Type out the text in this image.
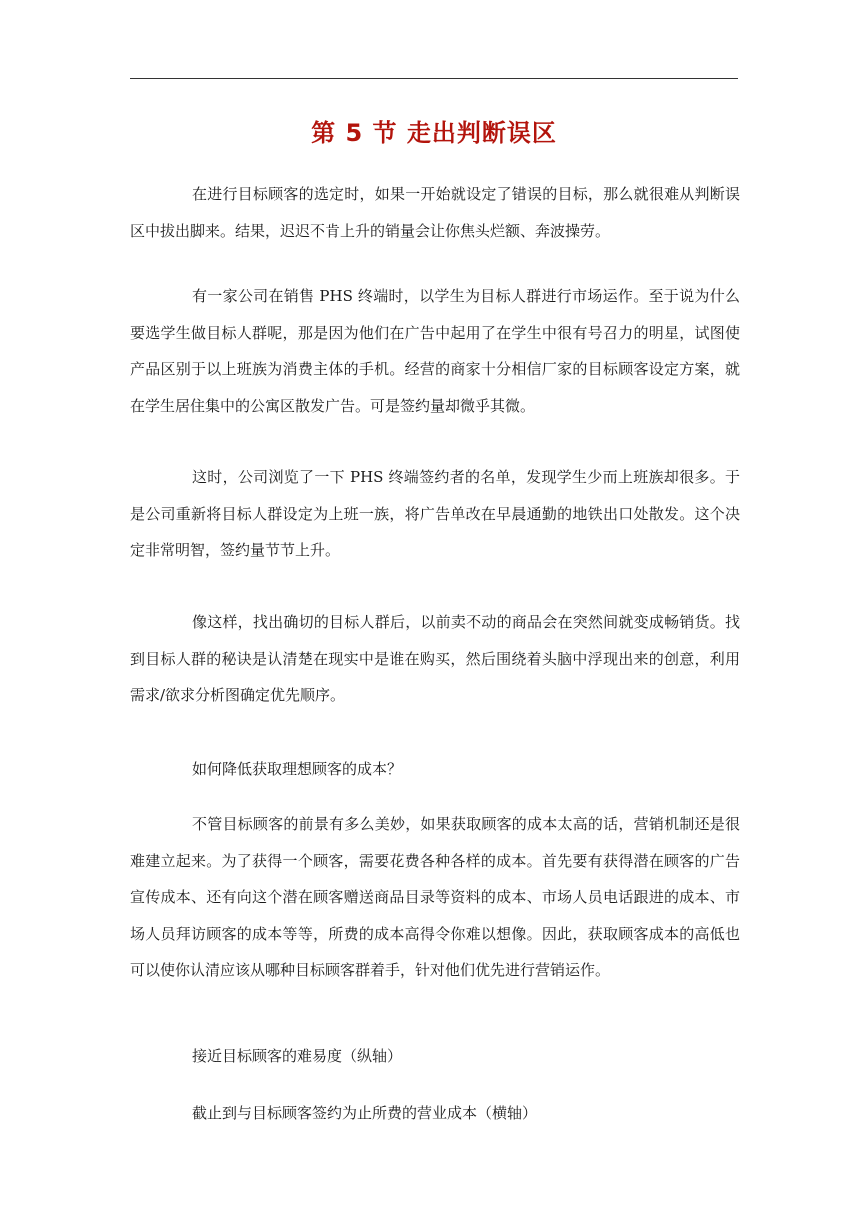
第 5 节 走出判断误区

在进行目标顾客的选定时，如果一开始就设定了错误的目标，那么就很难从判断误区中拔出脚来。结果，迟迟不肯上升的销量会让你焦头烂额、奔波操劳。

有一家公司在销售 PHS 终端时，以学生为目标人群进行市场运作。至于说为什么要选学生做目标人群呢，那是因为他们在广告中起用了在学生中很有号召力的明星，试图使产品区别于以上班族为消费主体的手机。经营的商家十分相信厂家的目标顾客设定方案，就在学生居住集中的公寓区散发广告。可是签约量却微乎其微。

这时，公司浏览了一下 PHS 终端签约者的名单，发现学生少而上班族却很多。于是公司重新将目标人群设定为上班一族，将广告单改在早晨通勤的地铁出口处散发。这个决定非常明智，签约量节节上升。

像这样，找出确切的目标人群后，以前卖不动的商品会在突然间就变成畅销货。找到目标人群的秘诀是认清楚在现实中是谁在购买，然后围绕着头脑中浮现出来的创意，利用需求/欲求分析图确定优先顺序。

如何降低获取理想顾客的成本？

不管目标顾客的前景有多么美妙，如果获取顾客的成本太高的话，营销机制还是很难建立起来。为了获得一个顾客，需要花费各种各样的成本。首先要有获得潜在顾客的广告宣传成本、还有向这个潜在顾客赠送商品目录等资料的成本、市场人员电话跟进的成本、市场人员拜访顾客的成本等等，所费的成本高得令你难以想像。因此，获取顾客成本的高低也可以使你认清应该从哪种目标顾客群着手，针对他们优先进行营销运作。

接近目标顾客的难易度（纵轴）

截止到与目标顾客签约为止所费的营业成本（横轴）
